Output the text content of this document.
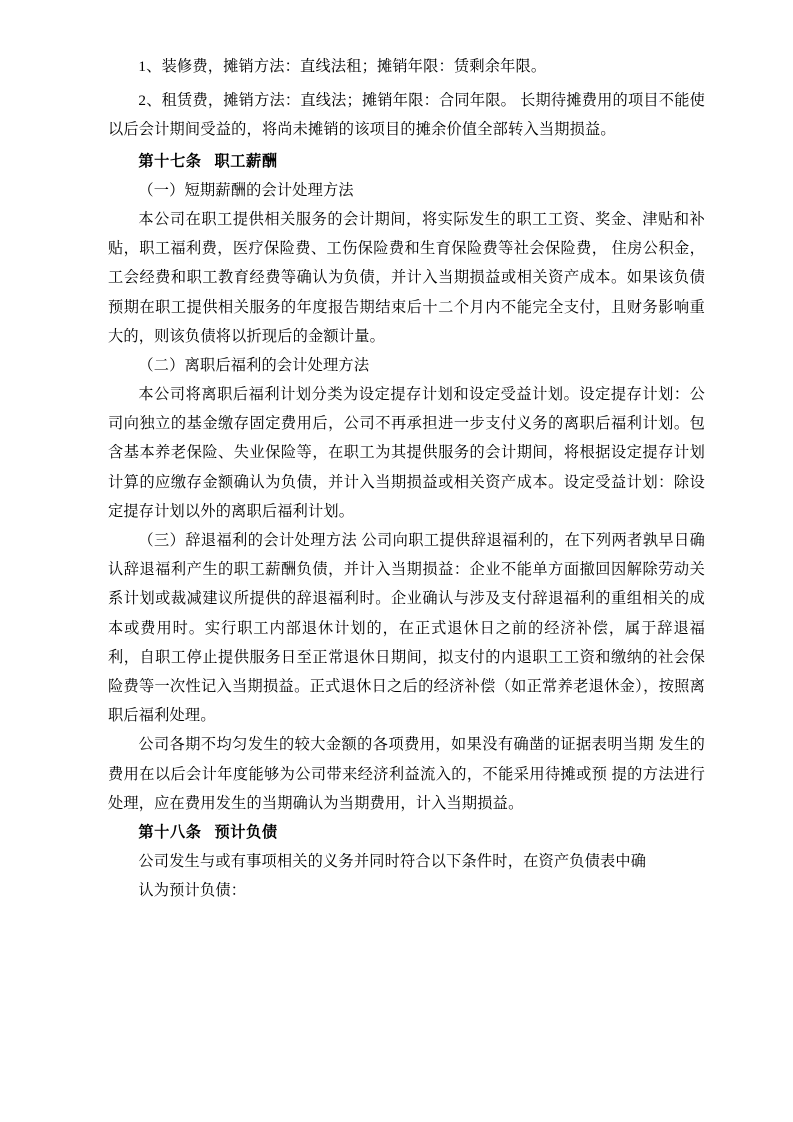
1、装修费，摊销方法：直线法租；摊销年限：赁剩余年限。

2、租赁费，摊销方法：直线法；摊销年限：合同年限。 长期待摊费用的项目不能使以后会计期间受益的，将尚未摊销的该项目的摊余价值全部转入当期损益。

第十七条 职工薪酬

（一）短期薪酬的会计处理方法

本公司在职工提供相关服务的会计期间，将实际发生的职工工资、奖金、津贴和补贴，职工福利费，医疗保险费、工伤保险费和生育保险费等社会保险费， 住房公积金，工会经费和职工教育经费等确认为负债，并计入当期损益或相关资产成本。如果该负债预期在职工提供相关服务的年度报告期结束后十二个月内不能完全支付，且财务影响重大的，则该负债将以折现后的金额计量。

（二）离职后福利的会计处理方法

本公司将离职后福利计划分类为设定提存计划和设定受益计划。设定提存计划：公司向独立的基金缴存固定费用后，公司不再承担进一步支付义务的离职后福利计划。包含基本养老保险、失业保险等，在职工为其提供服务的会计期间，将根据设定提存计划计算的应缴存金额确认为负债，并计入当期损益或相关资产成本。设定受益计划：除设定提存计划以外的离职后福利计划。

（三）辞退福利的会计处理方法 公司向职工提供辞退福利的，在下列两者孰早日确认辞退福利产生的职工薪酬负债，并计入当期损益：企业不能单方面撤回因解除劳动关系计划或裁减建议所提供的辞退福利时。企业确认与涉及支付辞退福利的重组相关的成本或费用时。实行职工内部退休计划的，在正式退休日之前的经济补偿，属于辞退福利，自职工停止提供服务日至正常退休日期间，拟支付的内退职工工资和缴纳的社会保险费等一次性记入当期损益。正式退休日之后的经济补偿（如正常养老退休金），按照离职后福利处理。

公司各期不均匀发生的较大金额的各项费用，如果没有确凿的证据表明当期 发生的费用在以后会计年度能够为公司带来经济利益流入的，不能采用待摊或预 提的方法进行处理，应在费用发生的当期确认为当期费用，计入当期损益。

第十八条 预计负债

公司发生与或有事项相关的义务并同时符合以下条件时，在资产负债表中确

认为预计负债：
